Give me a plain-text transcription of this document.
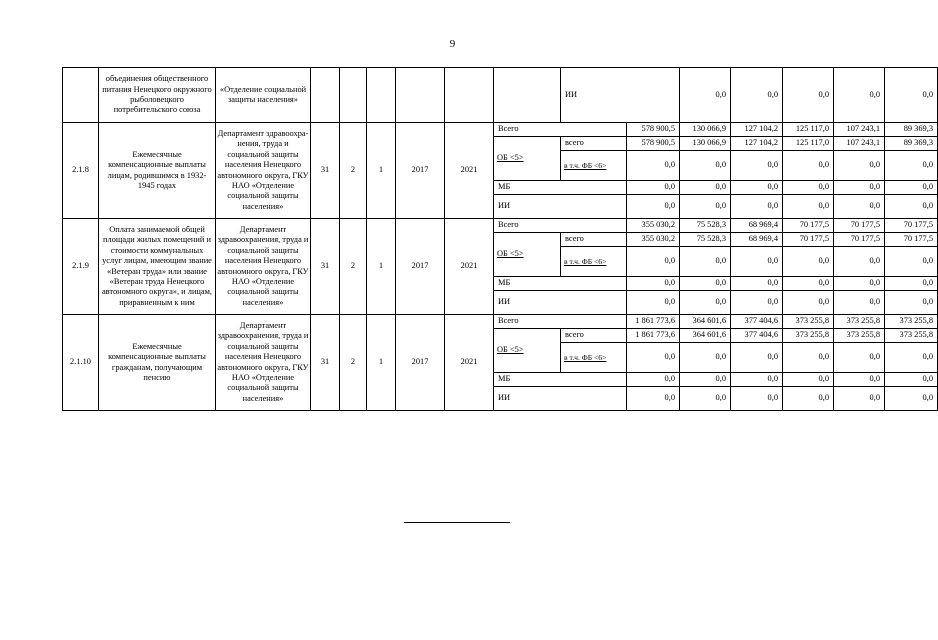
9
	объединения общественного питания Ненецкого окружного рыболовецкого потребительского союза	«Отделение социальной защиты населения»							ИИ		0,0	0,0	0,0	0,0	0,0	
2.1.8	Ежемесячные компенсационные выплаты лицам, родившимся в 1932-1945 годах	Департамент здравоохра-нения, труда и социальной защиты населения Ненецкого автономного округа, ГКУ НАО «Отделение социальной защиты населения»	31	2	1	2017	2021	Всего		578 900,5	130 066,9	127 104,2	125 117,0	107 243,1	89 369,3	
								ОБ <5>	всего	578 900,5	130 066,9	127 104,2	125 117,0	107 243,1	89 369,3	
									в т.ч. ФБ <6>	0,0	0,0	0,0	0,0	0,0	0,0	
								МБ		0,0	0,0	0,0	0,0	0,0	0,0	
								ИИ		0,0	0,0	0,0	0,0	0,0	0,0	
2.1.9	Оплата занимаемой общей площади жилых помещений и стоимости коммунальных услуг лицам, имеющим звание «Ветеран труда» или звание «Ветеран труда Ненецкого автономного округа», и лицам, приравненным к ним	Департамент здравоохранения, труда и социальной защиты населения Ненецкого автономного округа, ГКУ НАО «Отделение социальной защиты населения»	31	2	1	2017	2021	Всего		355 030,2	75 528,3	68 969,4	70 177,5	70 177,5	70 177,5	
								ОБ <5>	всего	355 030,2	75 528,3	68 969,4	70 177,5	70 177,5	70 177,5	
									в т.ч. ФБ <6>	0,0	0,0	0,0	0,0	0,0	0,0	
								МБ		0,0	0,0	0,0	0,0	0,0	0,0	
								ИИ		0,0	0,0	0,0	0,0	0,0	0,0	
2.1.10	Ежемесячные компенсационные выплаты гражданам, получающим пенсию	Департамент здравоохранения, труда и социальной защиты населения Ненецкого автономного округа, ГКУ НАО «Отделение социальной защиты населения»	31	2	1	2017	2021	Всего		1 861 773,6	364 601,6	377 404,6	373 255,8	373 255,8	373 255,8	
								ОБ <5>	всего	1 861 773,6	364 601,6	377 404,6	373 255,8	373 255,8	373 255,8	
									в т.ч. ФБ <6>	0,0	0,0	0,0	0,0	0,0	0,0	
								МБ		0,0	0,0	0,0	0,0	0,0	0,0	
								ИИ		0,0	0,0	0,0	0,0	0,0	0,0	
